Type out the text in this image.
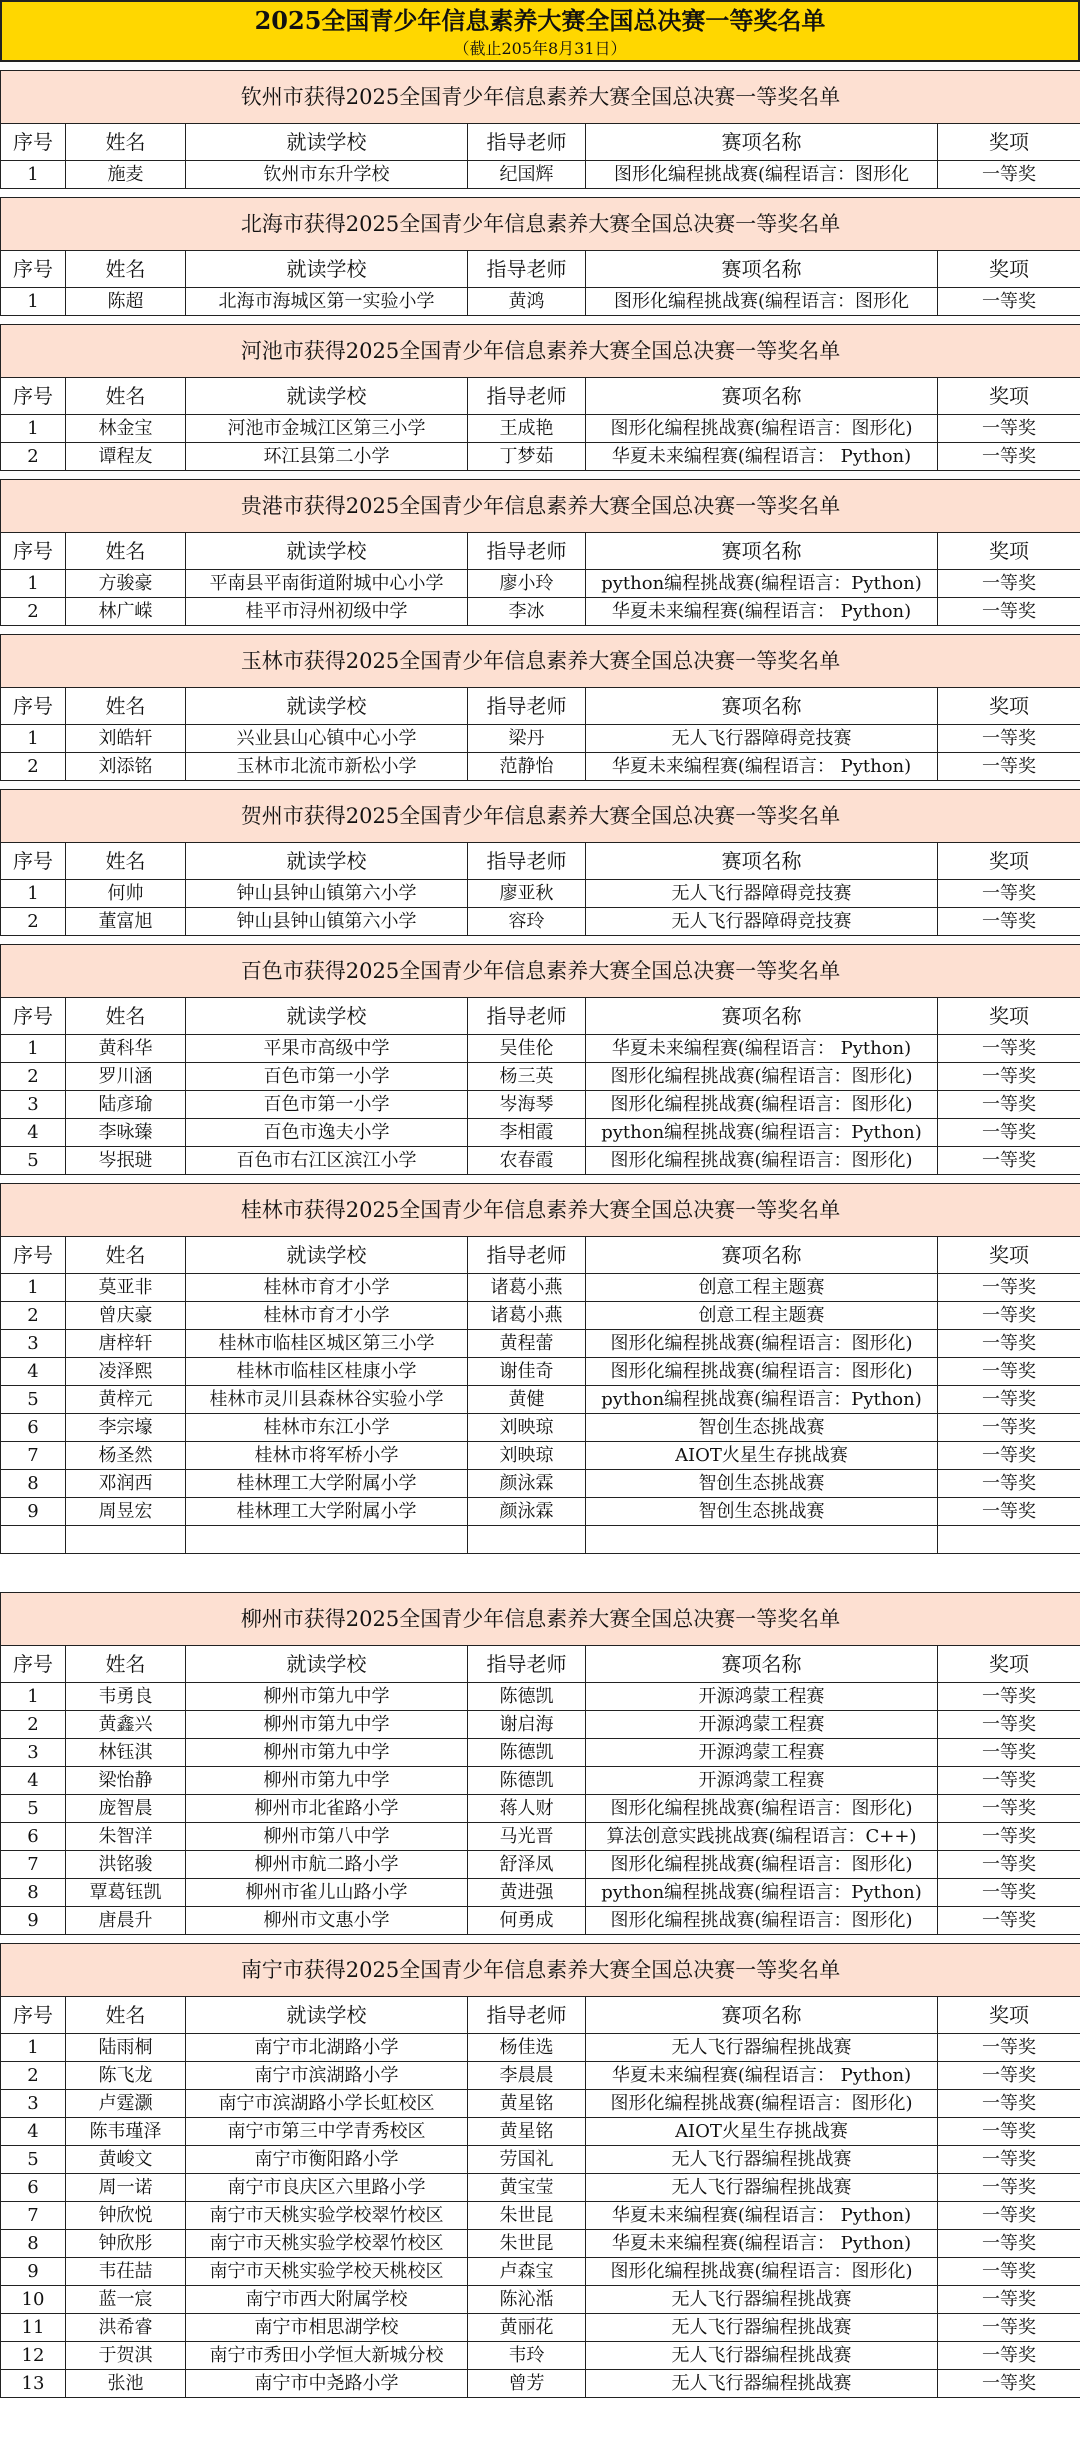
2025全国青少年信息素养大赛全国总决赛一等奖名单
（截止205年8月31日）
钦州市获得2025全国青少年信息素养大赛全国总决赛一等奖名单					
序号	姓名	就读学校	指导老师	赛项名称	奖项
1	施麦	钦州市东升学校	纪国辉	图形化编程挑战赛(编程语言：图形化	一等奖
北海市获得2025全国青少年信息素养大赛全国总决赛一等奖名单					
序号	姓名	就读学校	指导老师	赛项名称	奖项
1	陈超	北海市海城区第一实验小学	黄鸿	图形化编程挑战赛(编程语言：图形化	一等奖
河池市获得2025全国青少年信息素养大赛全国总决赛一等奖名单					
序号	姓名	就读学校	指导老师	赛项名称	奖项
1	林金宝	河池市金城江区第三小学	王成艳	图形化编程挑战赛(编程语言：图形化)	一等奖
2	谭程友	环江县第二小学	丁梦茹	华夏未来编程赛(编程语言： Python)	一等奖
贵港市获得2025全国青少年信息素养大赛全国总决赛一等奖名单					
序号	姓名	就读学校	指导老师	赛项名称	奖项
1	方骏豪	平南县平南街道附城中心小学	廖小玲	python编程挑战赛(编程语言：Python)	一等奖
2	林广嵘	桂平市浔州初级中学	李冰	华夏未来编程赛(编程语言： Python)	一等奖
玉林市获得2025全国青少年信息素养大赛全国总决赛一等奖名单					
序号	姓名	就读学校	指导老师	赛项名称	奖项
1	刘皓轩	兴业县山心镇中心小学	梁丹	无人飞行器障碍竞技赛	一等奖
2	刘添铭	玉林市北流市新松小学	范静怡	华夏未来编程赛(编程语言： Python)	一等奖
贺州市获得2025全国青少年信息素养大赛全国总决赛一等奖名单					
序号	姓名	就读学校	指导老师	赛项名称	奖项
1	何帅	钟山县钟山镇第六小学	廖亚秋	无人飞行器障碍竞技赛	一等奖
2	董富旭	钟山县钟山镇第六小学	容玲	无人飞行器障碍竞技赛	一等奖
百色市获得2025全国青少年信息素养大赛全国总决赛一等奖名单					
序号	姓名	就读学校	指导老师	赛项名称	奖项
1	黄科华	平果市高级中学	吴佳伦	华夏未来编程赛(编程语言： Python)	一等奖
2	罗川涵	百色市第一小学	杨三英	图形化编程挑战赛(编程语言：图形化)	一等奖
3	陆彦瑜	百色市第一小学	岑海琴	图形化编程挑战赛(编程语言：图形化)	一等奖
4	李咏臻	百色市逸夫小学	李相霞	python编程挑战赛(编程语言：Python)	一等奖
5	岑抿琎	百色市右江区滨江小学	农春霞	图形化编程挑战赛(编程语言：图形化)	一等奖
桂林市获得2025全国青少年信息素养大赛全国总决赛一等奖名单					
序号	姓名	就读学校	指导老师	赛项名称	奖项
1	莫亚非	桂林市育才小学	诸葛小燕	创意工程主题赛	一等奖
2	曾庆豪	桂林市育才小学	诸葛小燕	创意工程主题赛	一等奖
3	唐梓轩	桂林市临桂区城区第三小学	黄程蕾	图形化编程挑战赛(编程语言：图形化)	一等奖
4	凌泽熙	桂林市临桂区桂康小学	谢佳奇	图形化编程挑战赛(编程语言：图形化)	一等奖
5	黄梓元	桂林市灵川县森林谷实验小学	黄健	python编程挑战赛(编程语言：Python)	一等奖
6	李宗壕	桂林市东江小学	刘映琼	智创生态挑战赛	一等奖
7	杨圣然	桂林市将军桥小学	刘映琼	AIOT火星生存挑战赛	一等奖
8	邓润西	桂林理工大学附属小学	颜泳霖	智创生态挑战赛	一等奖
9	周昱宏	桂林理工大学附属小学	颜泳霖	智创生态挑战赛	一等奖

柳州市获得2025全国青少年信息素养大赛全国总决赛一等奖名单					
序号	姓名	就读学校	指导老师	赛项名称	奖项
1	韦勇良	柳州市第九中学	陈德凯	开源鸿蒙工程赛	一等奖
2	黄鑫兴	柳州市第九中学	谢启海	开源鸿蒙工程赛	一等奖
3	林钰淇	柳州市第九中学	陈德凯	开源鸿蒙工程赛	一等奖
4	梁怡静	柳州市第九中学	陈德凯	开源鸿蒙工程赛	一等奖
5	庞智晨	柳州市北雀路小学	蒋人财	图形化编程挑战赛(编程语言：图形化)	一等奖
6	朱智洋	柳州市第八中学	马光晋	算法创意实践挑战赛(编程语言：C++)	一等奖
7	洪铭骏	柳州市航二路小学	舒泽凤	图形化编程挑战赛(编程语言：图形化)	一等奖
8	覃葛钰凯	柳州市雀儿山路小学	黄进强	python编程挑战赛(编程语言：Python)	一等奖
9	唐晨升	柳州市文惠小学	何勇成	图形化编程挑战赛(编程语言：图形化)	一等奖
南宁市获得2025全国青少年信息素养大赛全国总决赛一等奖名单					
序号	姓名	就读学校	指导老师	赛项名称	奖项
1	陆雨桐	南宁市北湖路小学	杨佳选	无人飞行器编程挑战赛	一等奖
2	陈飞龙	南宁市滨湖路小学	李晨晨	华夏未来编程赛(编程语言： Python)	一等奖
3	卢霆灏	南宁市滨湖路小学长虹校区	黄星铭	图形化编程挑战赛(编程语言：图形化)	一等奖
4	陈韦瑾泽	南宁市第三中学青秀校区	黄星铭	AIOT火星生存挑战赛	一等奖
5	黄峻文	南宁市衡阳路小学	劳国礼	无人飞行器编程挑战赛	一等奖
6	周一诺	南宁市良庆区六里路小学	黄宝莹	无人飞行器编程挑战赛	一等奖
7	钟欣悦	南宁市天桃实验学校翠竹校区	朱世昆	华夏未来编程赛(编程语言： Python)	一等奖
8	钟欣彤	南宁市天桃实验学校翠竹校区	朱世昆	华夏未来编程赛(编程语言： Python)	一等奖
9	韦茌喆	南宁市天桃实验学校天桃校区	卢森宝	图形化编程挑战赛(编程语言：图形化)	一等奖
10	蓝一宸	南宁市西大附属学校	陈沁湉	无人飞行器编程挑战赛	一等奖
11	洪希睿	南宁市相思湖学校	黄丽花	无人飞行器编程挑战赛	一等奖
12	于贺淇	南宁市秀田小学恒大新城分校	韦玲	无人飞行器编程挑战赛	一等奖
13	张池	南宁市中尧路小学	曾芳	无人飞行器编程挑战赛	一等奖
